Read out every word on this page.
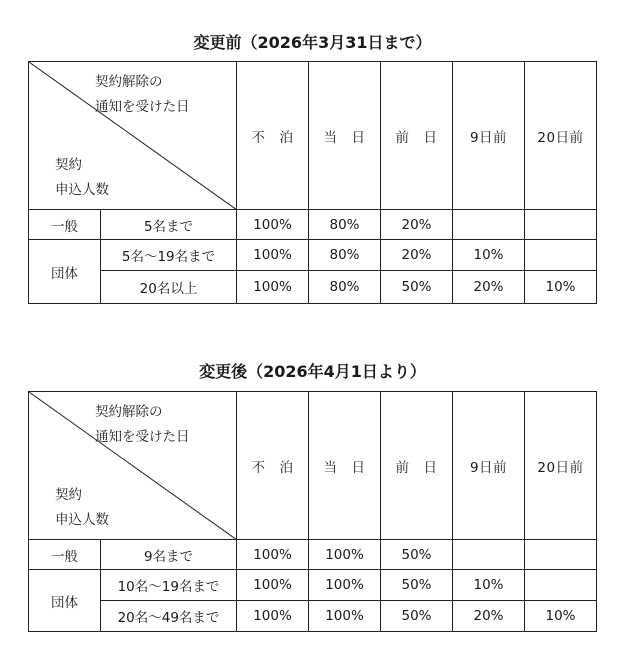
変更前（2026年3月31日まで）
契約解除の
通知を受けた日
契約
申込人数		不　泊	当　日	前　日	9日前	20日前
一般	5名まで	100%	80%	20%		
団体	5名～19名まで	100%	80%	20%	10%	
	20名以上	100%	80%	50%	20%	10%
変更後（2026年4月1日より）
契約解除の
通知を受けた日
契約
申込人数		不　泊	当　日	前　日	9日前	20日前
一般	9名まで	100%	100%	50%		
団体	10名～19名まで	100%	100%	50%	10%	
	20名～49名まで	100%	100%	50%	20%	10%
